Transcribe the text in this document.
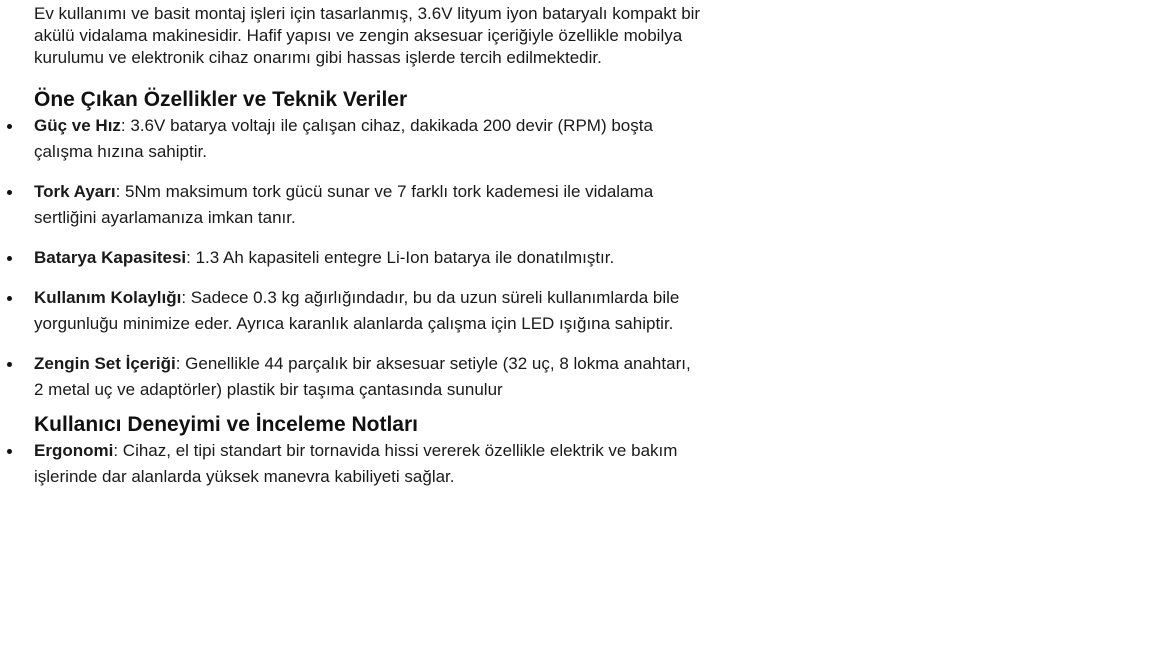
Ev kullanımı ve basit montaj işleri için tasarlanmış, 3.6V lityum iyon bataryalı kompakt bir akülü vidalama makinesidir. Hafif yapısı ve zengin aksesuar içeriğiyle özellikle mobilya kurulumu ve elektronik cihaz onarımı gibi hassas işlerde tercih edilmektedir.

Öne Çıkan Özellikler ve Teknik Veriler
Güç ve Hız: 3.6V batarya voltajı ile çalışan cihaz, dakikada 200 devir (RPM) boşta çalışma hızına sahiptir.
Tork Ayarı: 5Nm maksimum tork gücü sunar ve 7 farklı tork kademesi ile vidalama sertliğini ayarlamanıza imkan tanır.
Batarya Kapasitesi: 1.3 Ah kapasiteli entegre Li-Ion batarya ile donatılmıştır.
Kullanım Kolaylığı: Sadece 0.3 kg ağırlığındadır, bu da uzun süreli kullanımlarda bile yorgunluğu minimize eder. Ayrıca karanlık alanlarda çalışma için LED ışığına sahiptir.
Zengin Set İçeriği: Genellikle 44 parçalık bir aksesuar setiyle (32 uç, 8 lokma anahtarı, 2 metal uç ve adaptörler) plastik bir taşıma çantasında sunulur
Kullanıcı Deneyimi ve İnceleme Notları
Ergonomi: Cihaz, el tipi standart bir tornavida hissi vererek özellikle elektrik ve bakım işlerinde dar alanlarda yüksek manevra kabiliyeti sağlar.
